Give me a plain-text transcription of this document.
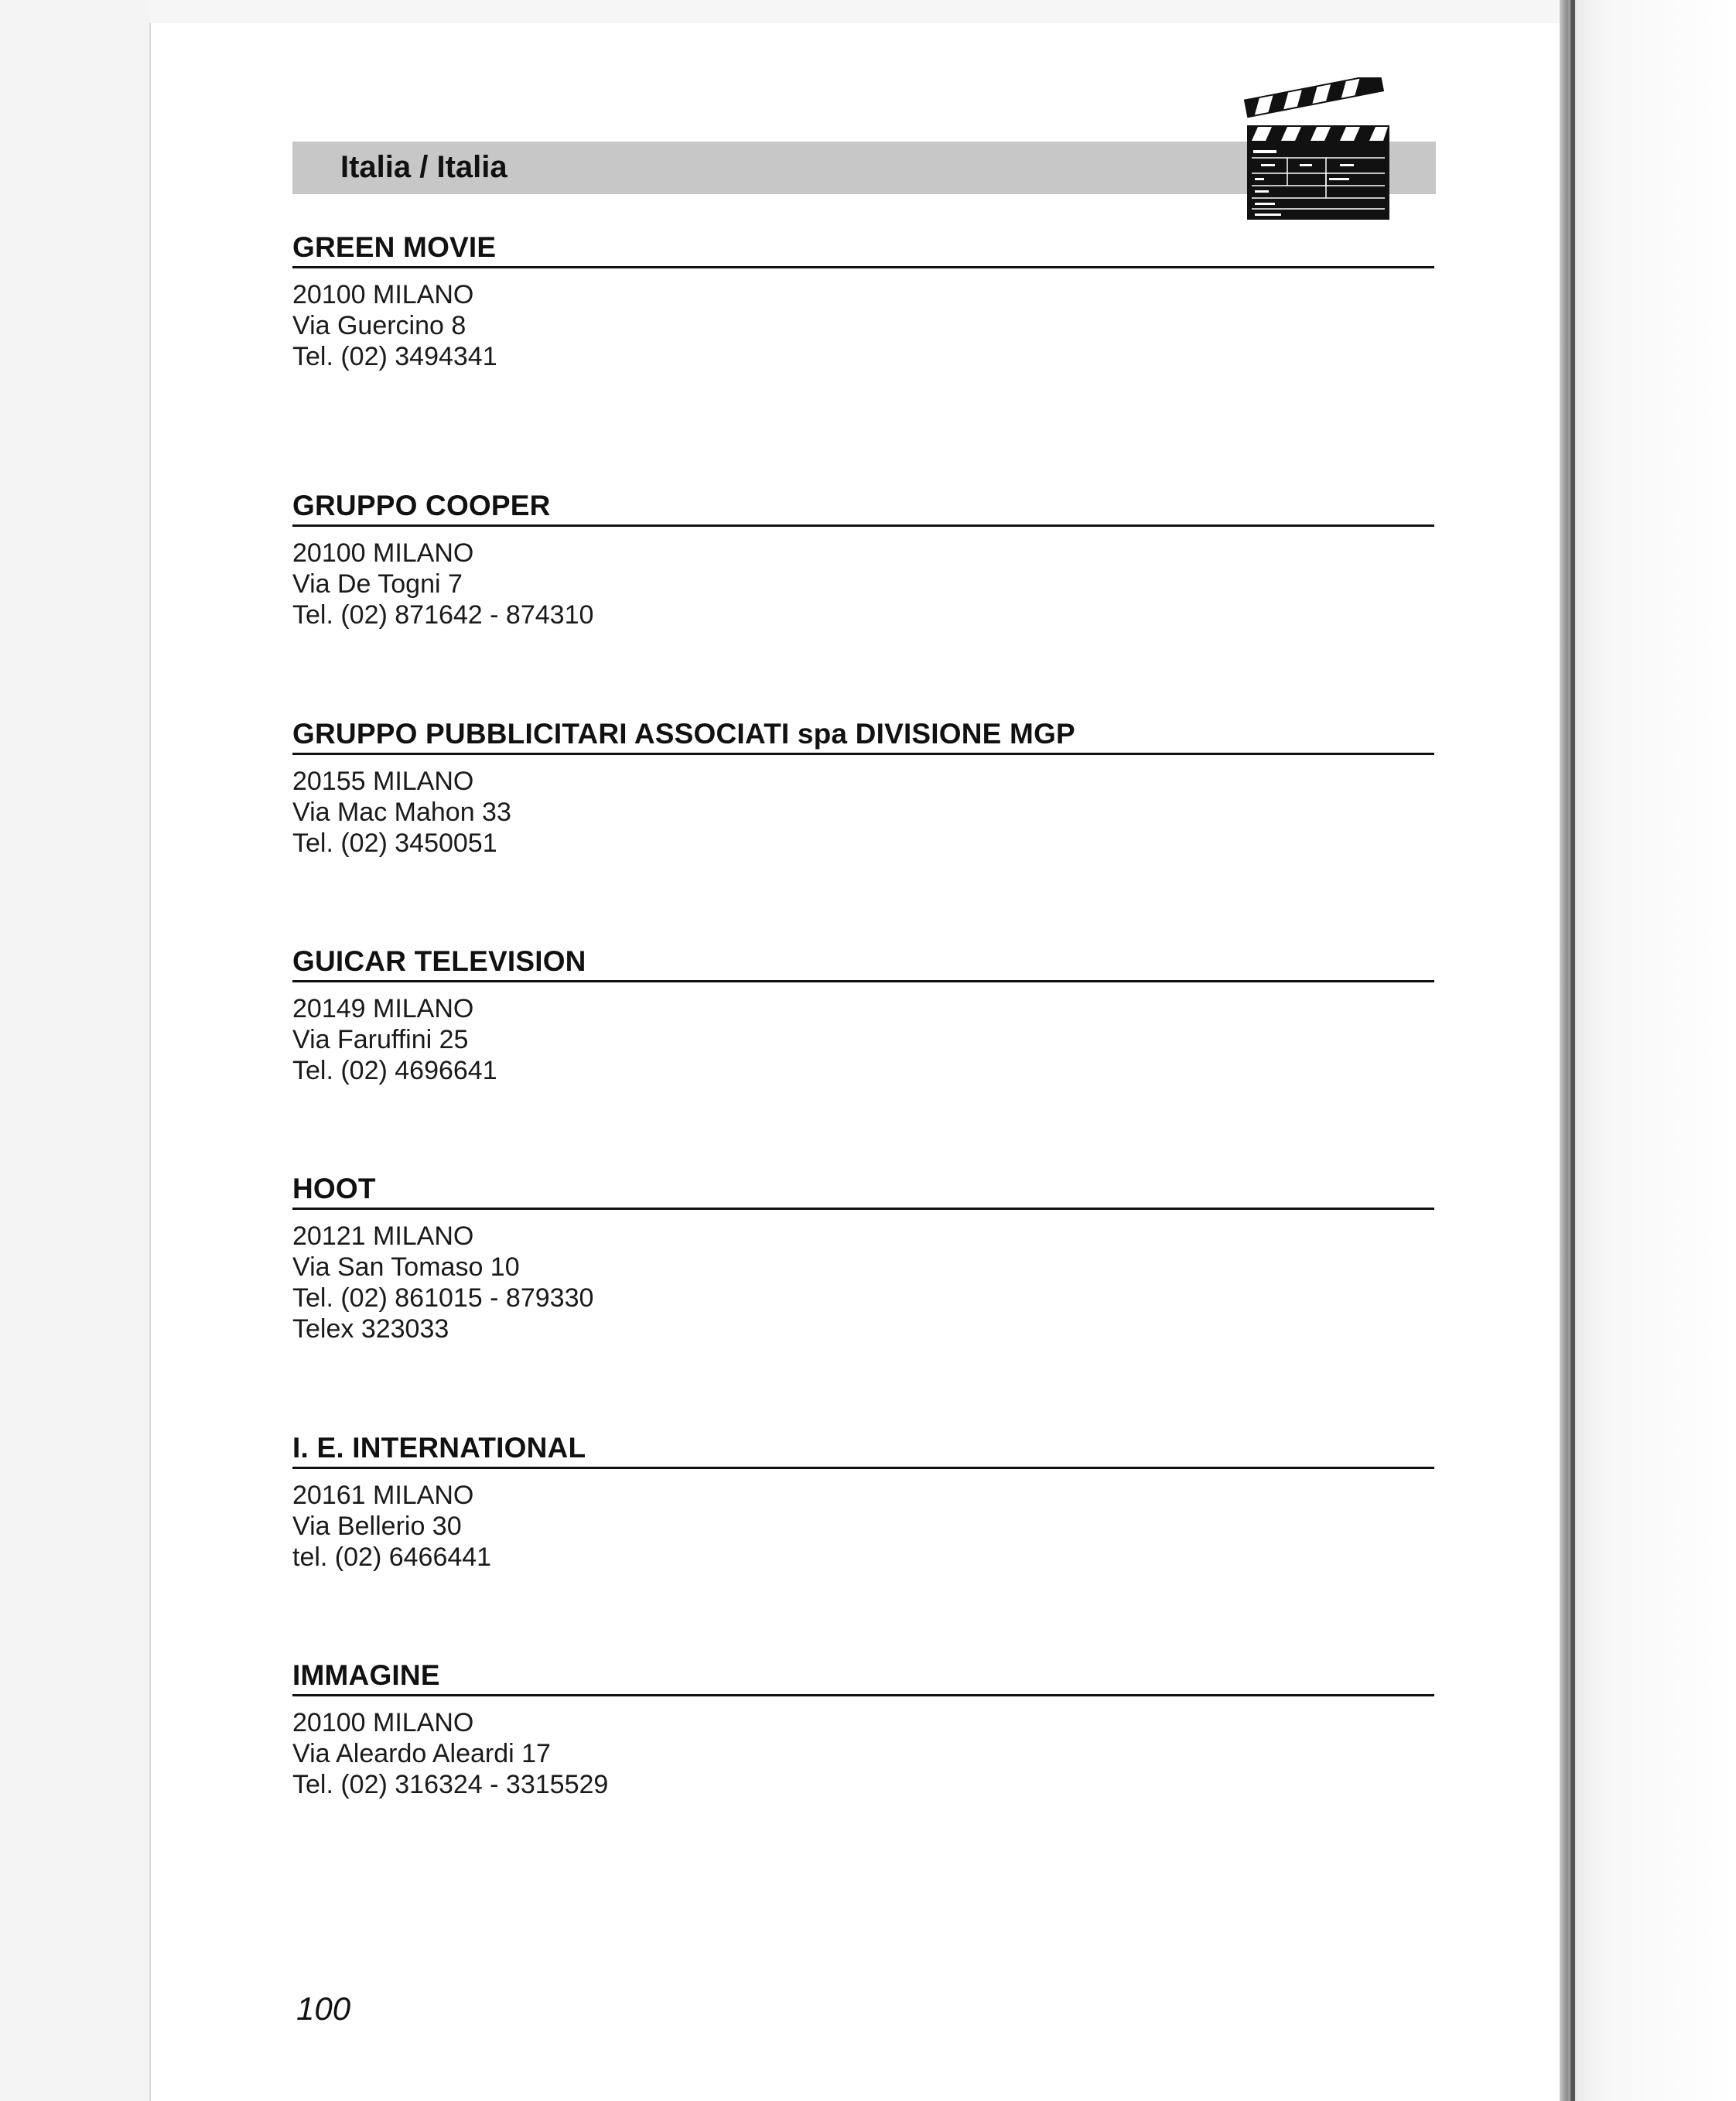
Italia / Italia
GREEN MOVIE
20100 MILANO
Via Guercino 8
Tel. (02) 3494341
GRUPPO COOPER
20100 MILANO
Via De Togni 7
Tel. (02) 871642 - 874310
GRUPPO PUBBLICITARI ASSOCIATI spa DIVISIONE MGP
20155 MILANO
Via Mac Mahon 33
Tel. (02) 3450051
GUICAR TELEVISION
20149 MILANO
Via Faruffini 25
Tel. (02) 4696641
HOOT
20121 MILANO
Via San Tomaso 10
Tel. (02) 861015 - 879330
Telex 323033
I. E. INTERNATIONAL
20161 MILANO
Via Bellerio 30
tel. (02) 6466441
IMMAGINE
20100 MILANO
Via Aleardo Aleardi 17
Tel. (02) 316324 - 3315529
100
